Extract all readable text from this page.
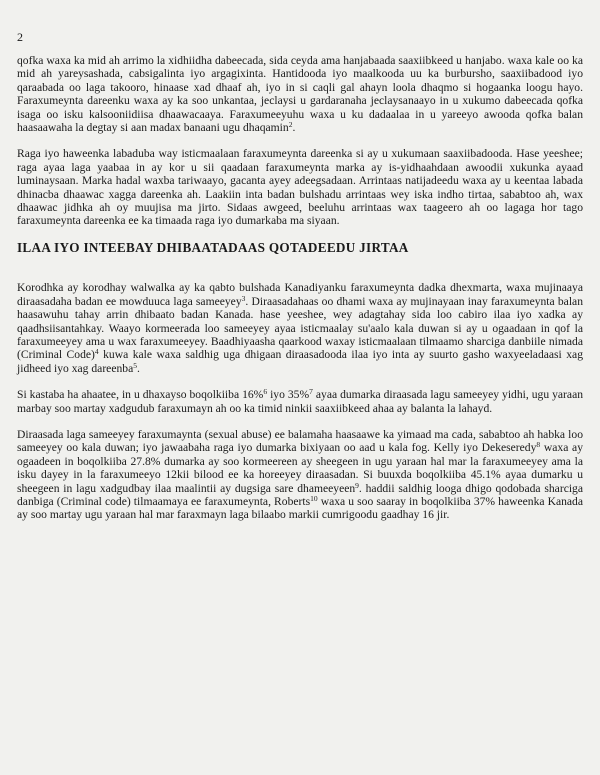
2

qofka waxa ka mid ah arrimo la xidhiidha dabeecada, sida ceyda ama hanjabaada saaxiibkeed u hanjabo. waxa kale oo ka mid ah yareysashada, cabsigalinta iyo argagixinta. Hantidooda iyo maalkooda uu ka burbursho, saaxiibadood iyo qaraabada oo laga takooro, hinaase xad dhaaf ah, iyo in si caqli gal ahayn loola dhaqmo si hogaanka loogu hayo. Faraxumeynta dareenku waxa ay ka soo unkantaa, jeclaysi u gardaranaha jeclaysanaayo in u xukumo dabeecada qofka isaga oo isku kalsooniidiisa dhaawacaaya. Faraxumeeyuhu waxa u ku dadaalaa in u yareeyo awooda qofka balan haasaawaha la degtay si aan madax banaani ugu dhaqamin$^2$.

Raga iyo haweenka labaduba way isticmaalaan faraxumeynta dareenka si ay u xukumaan saaxiibadooda. Hase yeeshee; raga ayaa laga yaabaa in ay kor u sii qaadaan faraxumeynta marka ay is-yidhaahdaan awoodii xukunka ayaad luminaysaan. Marka hadal waxba tariwaayo, gacanta ayey adeegsadaan. Arrintaas natijadeedu waxa ay u keentaa labada dhinacba dhaawac xagga dareenka ah. Laakiin inta badan bulshadu arrintaas wey iska indho tirtaa, sababtoo ah, wax dhaawac jidhka ah oy muujisa ma jirto. Sidaas awgeed, beeluhu arrintaas wax taageero ah oo lagaga hor tago faraxumeynta dareenka ee ka timaada raga iyo dumarkaba ma siyaan.

ILAA IYO INTEEBAY DHIBAATADAAS QOTADEEDU JIRTAA

Korodhka ay korodhay walwalka ay ka qabto bulshada Kanadiyanku faraxumeynta dadka dhexmarta, waxa mujinaaya diraasadaha badan ee mowduuca laga sameeyey$^3$. Diraasadahaas oo dhami waxa ay mujinayaan inay faraxumeynta balan haasawuhu tahay arrin dhibaato badan Kanada. hase yeeshee, wey adagtahay sida loo cabiro ilaa iyo xadka ay qaadhsiisantahkay. Waayo kormeerada loo sameeyey ayaa isticmaalay su'aalo kala duwan si ay u ogaadaan in qof la faraxumeeyey ama u wax faraxumeeyey. Baadhiyaasha qaarkood waxay isticmaalaan tilmaamo sharciga danbiile nimada (Criminal Code)$^4$ kuwa kale waxa saldhig uga dhigaan diraasadooda ilaa iyo inta ay suurto gasho waxyeeladaasi xag jidheed iyo xag dareenba$^5$.

Si kastaba ha ahaatee, in u dhaxayso boqolkiiba 16%$^6$ iyo 35%$^7$ ayaa dumarka diraasada lagu sameeyey yidhi, ugu yaraan marbay soo martay xadgudub faraxumayn ah oo ka timid ninkii saaxiibkeed ahaa ay balanta la lahayd.

Diraasada laga sameeyey faraxumaynta (sexual abuse) ee balamaha haasaawe ka yimaad ma cada, sababtoo ah habka loo sameeyey oo kala duwan; iyo jawaabaha raga iyo dumarka bixiyaan oo aad u kala fog. Kelly iyo Dekeseredy$^8$ waxa ay ogaadeen in boqolkiiba 27.8% dumarka ay soo kormeereen ay sheegeen in ugu yaraan hal mar la faraxumeeyey ama la isku dayey in la faraxumeeyo 12kii bilood ee ka horeeyey diraasadan. Si buuxda boqolkiiba 45.1% ayaa dumarku u sheegeen in lagu xadgudbay ilaa maalintii ay dugsiga sare dhameeyeen$^9$. haddii saldhig looga dhigo qodobada sharciga danbiga (Criminal code) tilmaamaya ee faraxumeynta, Roberts$^{10}$ waxa u soo saaray in boqolkiiba 37% haweenka Kanada ay soo martay ugu yaraan hal mar faraxmayn laga bilaabo markii cumrigoodu gaadhay 16 jir.
